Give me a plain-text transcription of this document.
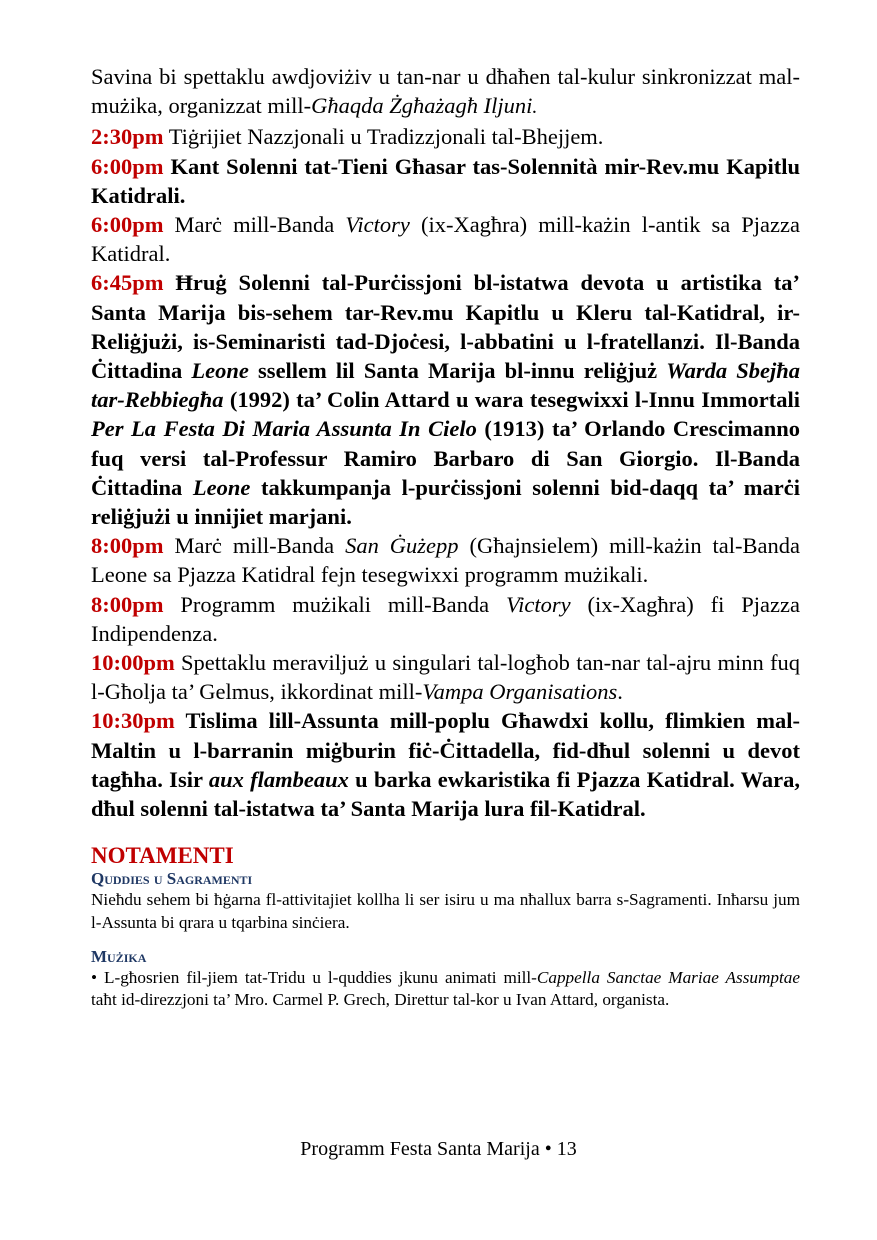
Savina bi spettaklu awdjoviżiv u tan-nar u dħaħen tal-kulur sinkronizzat mal-mużika, organizzat mill-Għaqda Żgħażagħ Iljuni.

2:30pm Tiġrijiet Nazzjonali u Tradizzjonali tal-Bhejjem.

6:00pm Kant Solenni tat-Tieni Għasar tas-Solennità mir-Rev.mu Kapitlu Katidrali.

6:00pm Marċ mill-Banda Victory (ix-Xagħra) mill-każin l-antik sa Pjazza Katidral.

6:45pm Ħruġ Solenni tal-Purċissjoni bl-istatwa devota u artistika ta’ Santa Marija bis-sehem tar-Rev.mu Kapitlu u Kleru tal-Katidral, ir-Reliġjużi, is-Seminaristi tad-Djoċesi, l-abbatini u l-fratellanzi. Il-Banda Ċittadina Leone ssellem lil Santa Marija bl-innu reliġjuż Warda Sbejħa tar-Rebbiegħa (1992) ta’ Colin Attard u wara tesegwixxi l-Innu Immortali Per La Festa Di Maria Assunta In Cielo (1913) ta’ Orlando Crescimanno fuq versi tal-Professur Ramiro Barbaro di San Giorgio. Il-Banda Ċittadina Leone takkumpanja l-purċissjoni solenni bid-daqq ta’ marċi reliġjużi u innijiet marjani.

8:00pm Marċ mill-Banda San Ġużepp (Għajnsielem) mill-każin tal-Banda Leone sa Pjazza Katidral fejn tesegwixxi programm mużikali.

8:00pm Programm mużikali mill-Banda Victory (ix-Xagħra) fi Pjazza Indipendenza.

10:00pm Spettaklu meraviljuż u singulari tal-logħob tan-nar tal-ajru minn fuq l-Għolja ta’ Gelmus, ikkordinat mill-Vampa Organisations.

10:30pm Tislima lill-Assunta mill-poplu Għawdxi kollu, flimkien mal-Maltin u l-barranin miġburin fiċ-Ċittadella, fid-dħul solenni u devot tagħha. Isir aux flambeaux u barka ewkaristika fi Pjazza Katidral. Wara, dħul solenni tal-istatwa ta’ Santa Marija lura fil-Katidral.

NOTAMENTI
Quddies u Sagramenti

Nieħdu sehem bi ħġarna fl-attivitajiet kollha li ser isiru u ma nħallux barra s-Sagramenti. Inħarsu jum l-Assunta bi qrara u tqarbina sinċiera.

Mużika

• L-għosrien fil-jiem tat-Tridu u l-quddies jkunu animati mill-Cappella Sanctae Mariae Assumptae taħt id-direzzjoni ta’ Mro. Carmel P. Grech, Direttur tal-kor u Ivan Attard, organista.

Programm Festa Santa Marija • 13
